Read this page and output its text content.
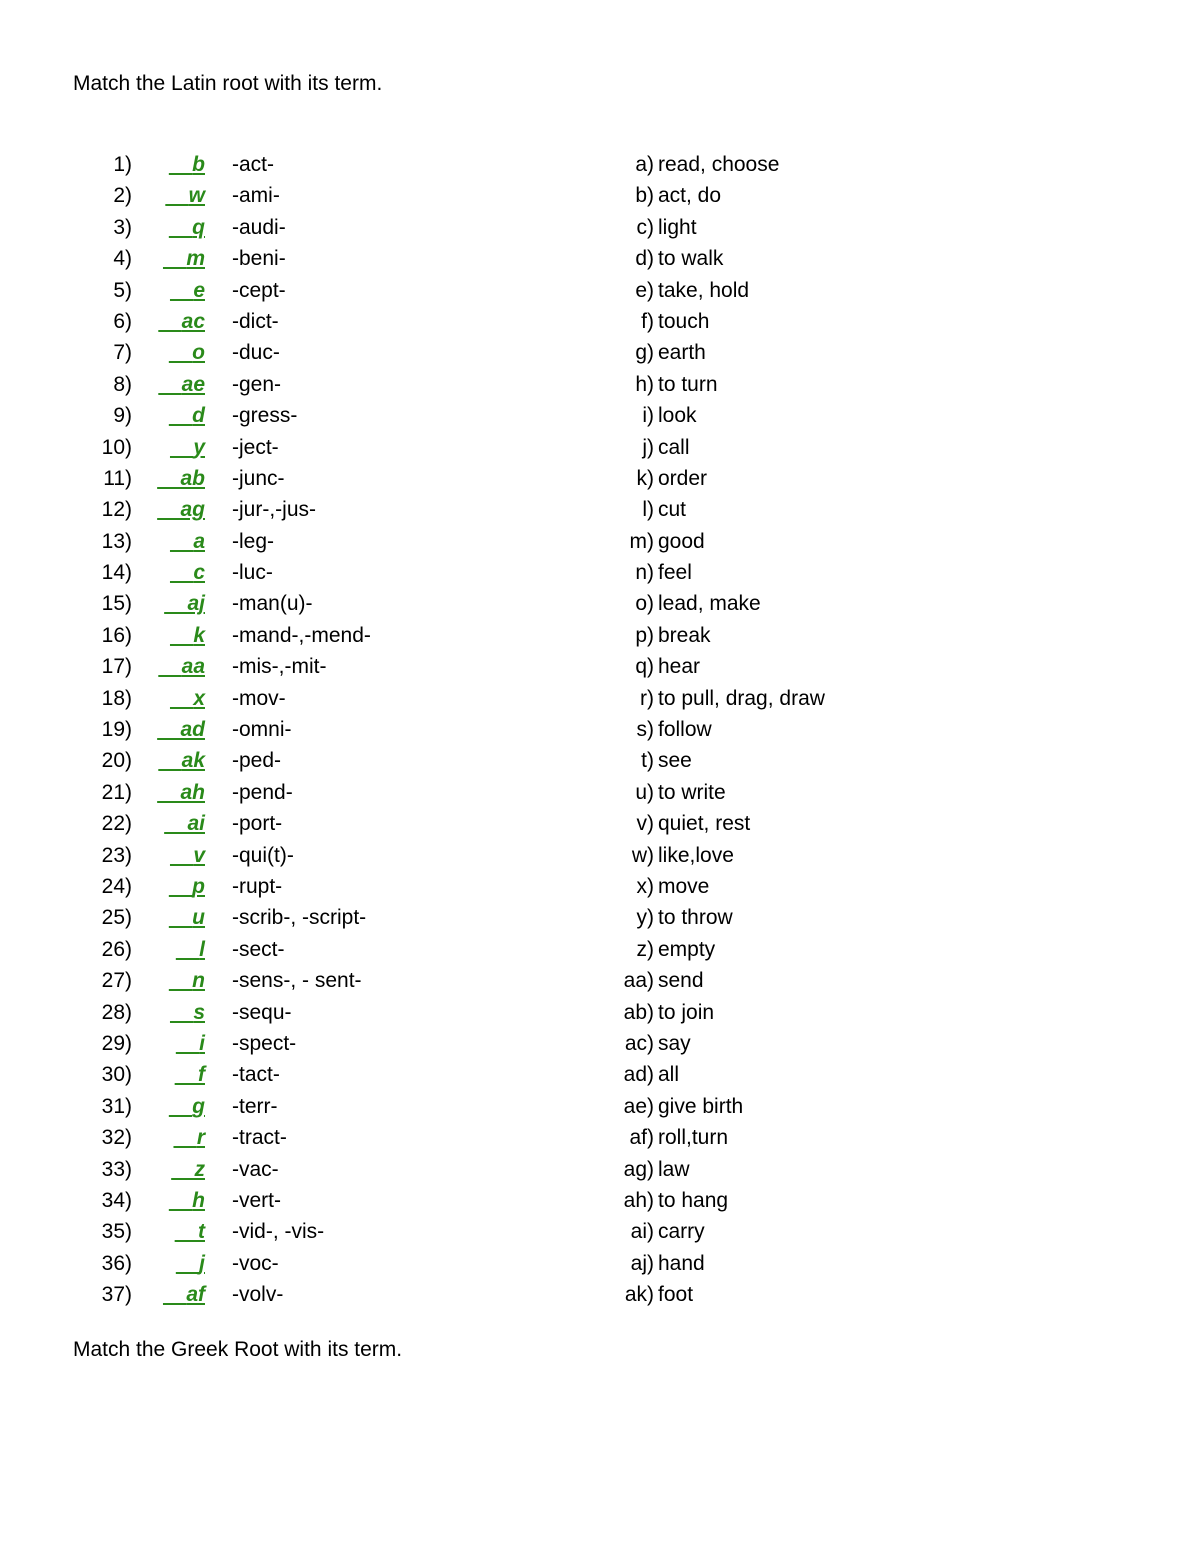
Match the Latin root with its term.
1)	b -act-	a) read, choose
2)	w -ami-	b) act, do
3)	q -audi-	c) light
4)	m -beni-	d) to walk
5)	e -cept-	e) take, hold
6)	ac -dict-	f) touch
7)	o -duc-	g) earth
8)	ae -gen-	h) to turn
9)	d -gress-	i) look
10)	y -ject-	j) call
11)	ab -junc-	k) order
12)	ag -jur-,-jus-	l) cut
13)	a -leg-	m) good
14)	c -luc-	n) feel
15)	aj -man(u)-	o) lead, make
16)	k -mand-,-mend-	p) break
17)	aa -mis-,-mit-	q) hear
18)	x -mov-	r) to pull, drag, draw
19)	ad -omni-	s) follow
20)	ak -ped-	t) see
21)	ah -pend-	u) to write
22)	ai -port-	v) quiet, rest
23)	v -qui(t)-	w) like,love
24)	p -rupt-	x) move
25)	u -scrib-, -script-	y) to throw
26)	l -sect-	z) empty
27)	n -sens-, - sent-	aa) send
28)	s -sequ-	ab) to join
29)	i -spect-	ac) say
30)	f -tact-	ad) all
31)	g -terr-	ae) give birth
32)	r -tract-	af) roll,turn
33)	z -vac-	ag) law
34)	h -vert-	ah) to hang
35)	t -vid-, -vis-	ai) carry
36)	j -voc-	aj) hand
37)	af -volv-	ak) foot
Match the Greek Root with its term.
